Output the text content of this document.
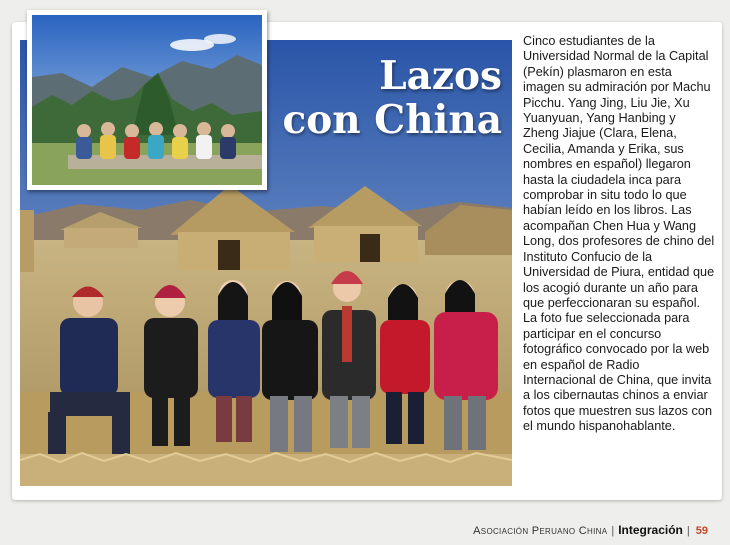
Lazos
con China

Cinco estudiantes de la Universidad Normal de la Capital (Pekín) plasmaron en esta imagen su admiración por Machu Picchu. Yang Jing, Liu Jie, Xu Yuanyuan, Yang Hanbing y Zheng Jiajue (Clara, Elena, Cecilia, Amanda y Erika, sus nombres en español) llegaron hasta la ciudadela inca para comprobar in situ todo lo que habían leído en los libros. Las acompañan Chen Hua y Wang Long, dos profesores de chino del Instituto Confucio de la Universidad de Piura, entidad que los acogió durante un año para que perfeccionaran su español. La foto fue seleccionada para participar en el concurso fotográfico convocado por la web en español de Radio Internacional de China, que invita a los cibernautas chinos a enviar fotos que muestren sus lazos con el mundo hispanohablante.

Asociación Peruano China | Integración | 59
